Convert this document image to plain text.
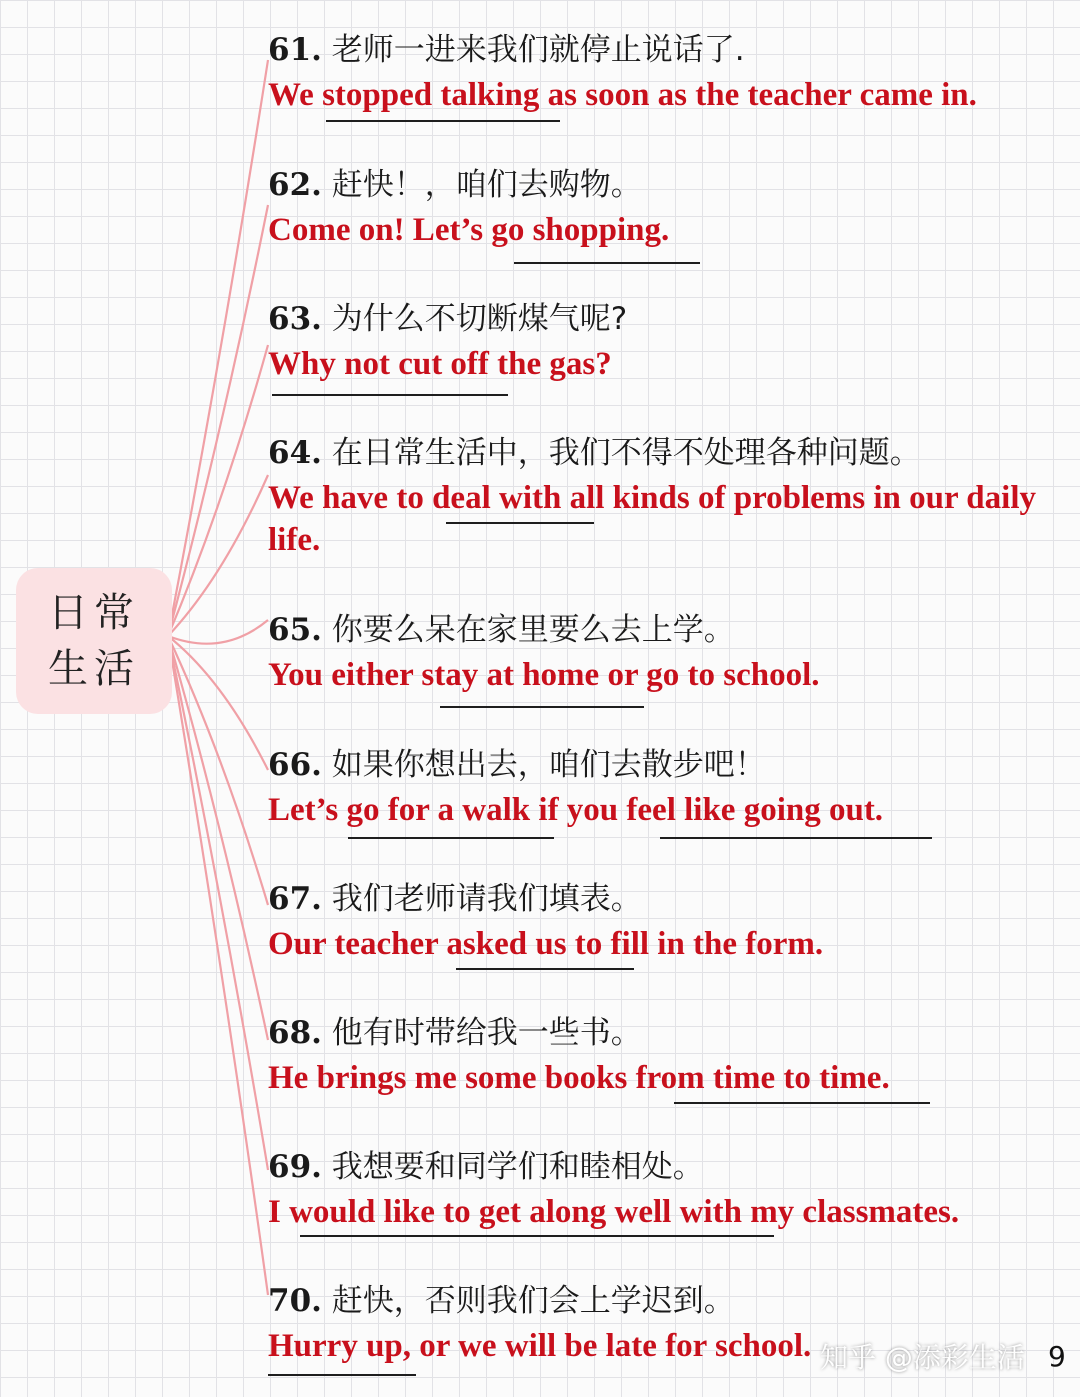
日常
生活
61. 老师一进来我们就停止说话了.
We stopped talking as soon as the teacher came in.
62. 赶快！，咱们去购物。
Come on! Let’s go shopping.
63. 为什么不切断煤气呢?
Why not cut off the gas?
64. 在日常生活中，我们不得不处理各种问题。
We have to deal with all kinds of problems in our daily life.
65. 你要么呆在家里要么去上学。
You either stay at home or go to school.
66. 如果你想出去，咱们去散步吧！
Let’s go for a walk if you feel like going out.
67. 我们老师请我们填表。
Our teacher asked us to fill in the form.
68. 他有时带给我一些书。
He brings me some books from time to time.
69. 我想要和同学们和睦相处。
I would like to get along well with my classmates.
70. 赶快，否则我们会上学迟到。
Hurry up, or we will be late for school. 知乎 @添彩生活 9
